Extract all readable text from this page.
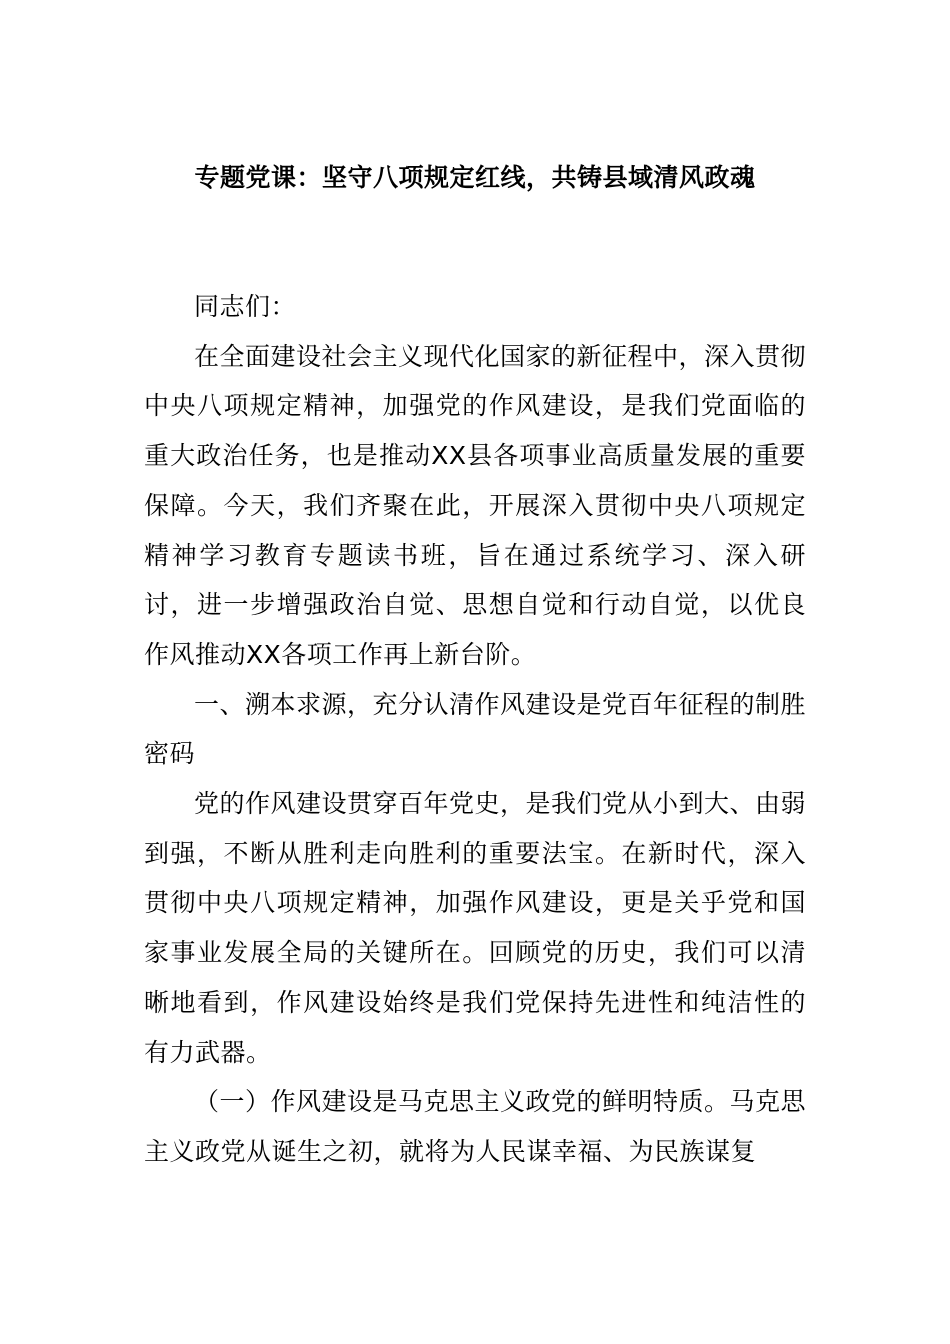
专题党课：坚守八项规定红线，共铸县域清风政魂

同志们：

在全面建设社会主义现代化国家的新征程中，深入贯彻中央八项规定精神，加强党的作风建设，是我们党面临的重大政治任务，也是推动XX县各项事业高质量发展的重要保障。今天，我们齐聚在此，开展深入贯彻中央八项规定精神学习教育专题读书班，旨在通过系统学习、深入研讨，进一步增强政治自觉、思想自觉和行动自觉，以优良作风推动XX各项工作再上新台阶。

一、溯本求源，充分认清作风建设是党百年征程的制胜密码

党的作风建设贯穿百年党史，是我们党从小到大、由弱到强，不断从胜利走向胜利的重要法宝。在新时代，深入贯彻中央八项规定精神，加强作风建设，更是关乎党和国家事业发展全局的关键所在。回顾党的历史，我们可以清晰地看到，作风建设始终是我们党保持先进性和纯洁性的有力武器。

（一）作风建设是马克思主义政党的鲜明特质。马克思主义政党从诞生之初，就将为人民谋幸福、为民族谋复
